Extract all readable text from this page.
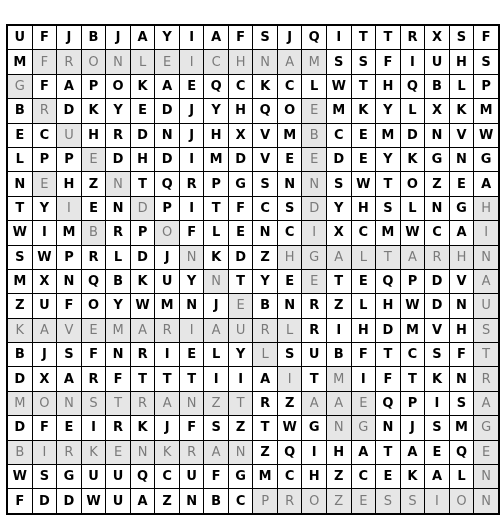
U	F	J	B	J	A	Y	I	A	F	S	J	Q	I	T	T	R	X	S	F
M	F	R	O	N	L	E	I	C	H	N	A	M	S	S	F	I	U	H	S
G	F	A	P	O	K	A	E	Q	C	K	C	L	W	T	H	Q	B	L	P
B	R	D	K	Y	E	D	J	Y	H	Q	O	E	M	K	Y	L	X	K	M
E	C	U	H	R	D	N	J	H	X	V	M	B	C	E	M	D	N	V	W
L	P	P	E	D	H	D	I	M	D	V	E	E	D	E	Y	K	G	N	G
N	E	H	Z	N	T	Q	R	P	G	S	N	N	S	W	T	O	Z	E	A
T	Y	I	E	N	D	P	I	T	F	C	S	D	Y	H	S	L	N	G	H
W	I	M	B	R	P	O	F	L	E	N	C	I	X	C	M	W	C	A	I
S	W	P	R	L	D	J	N	K	D	Z	H	G	A	L	T	A	R	H	N
M	X	N	Q	B	K	U	Y	N	T	Y	E	E	T	E	Q	P	D	V	A
Z	U	F	O	Y	W	M	N	J	E	B	N	R	Z	L	H	W	D	N	U
K	A	V	E	M	A	R	I	A	U	R	L	R	I	H	D	M	V	H	S
B	J	S	F	N	R	I	E	L	Y	L	S	U	B	F	T	C	S	F	T
D	X	A	R	F	T	T	T	I	I	A	I	T	M	I	F	T	K	N	R
M	O	N	S	T	R	A	N	Z	T	R	Z	A	A	E	Q	P	I	S	A
D	F	E	I	R	K	J	F	S	Z	T	W	G	N	G	N	J	S	M	G
B	I	R	K	E	N	K	R	A	N	Z	Q	I	H	A	T	A	E	Q	E
W	S	G	U	U	Q	C	U	F	G	M	C	H	Z	C	E	K	A	L	N
F	D	D	W	U	A	Z	N	B	C	P	R	O	Z	E	S	S	I	O	N
